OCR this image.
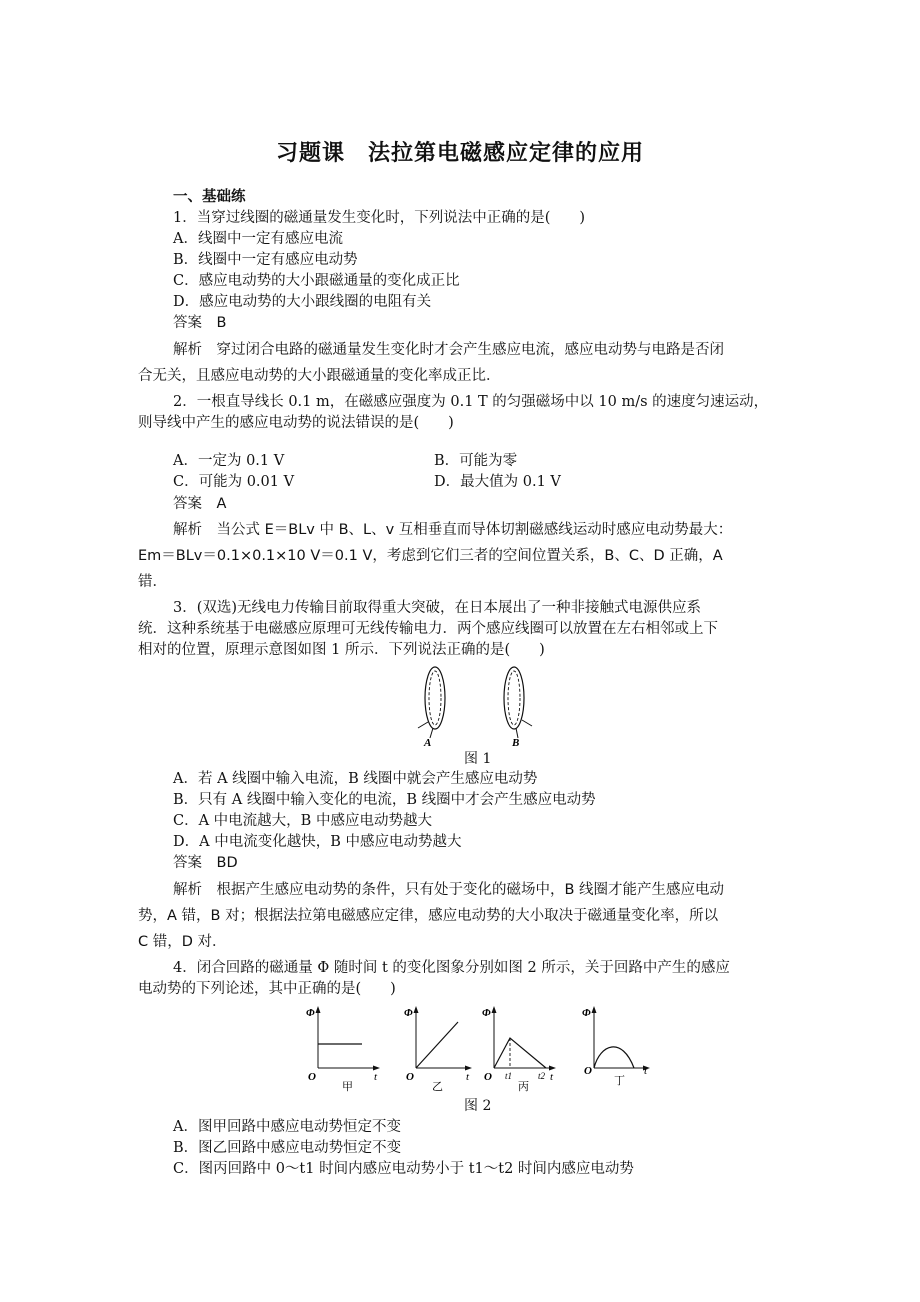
习题课　法拉第电磁感应定律的应用
一、基础练
1．当穿过线圈的磁通量发生变化时，下列说法中正确的是(　　)
A．线圈中一定有感应电流
B．线圈中一定有感应电动势
C．感应电动势的大小跟磁通量的变化成正比
D．感应电动势的大小跟线圈的电阻有关
答案　B
解析　穿过闭合电路的磁通量发生变化时才会产生感应电流，感应电动势与电路是否闭
合无关，且感应电动势的大小跟磁通量的变化率成正比．
2．一根直导线长 0.1 m，在磁感应强度为 0.1 T 的匀强磁场中以 10 m/s 的速度匀速运动，
则导线中产生的感应电动势的说法错误的是(　　)
A．一定为 0.1 V	B．可能为零
C．可能为 0.01 V	D．最大值为 0.1 V
答案　A
解析　当公式 E＝BLv 中 B、L、v 互相垂直而导体切割磁感线运动时感应电动势最大：
Em＝BLv＝0.1×0.1×10 V＝0.1 V，考虑到它们三者的空间位置关系，B、C、D 正确，A
错．
3．(双选)无线电力传输目前取得重大突破，在日本展出了一种非接触式电源供应系
统．这种系统基于电磁感应原理可无线传输电力．两个感应线圈可以放置在左右相邻或上下
相对的位置，原理示意图如图 1 所示．下列说法正确的是(　　)
A	B
图 1
A．若 A 线圈中输入电流，B 线圈中就会产生感应电动势
B．只有 A 线圈中输入变化的电流，B 线圈中才会产生感应电动势
C．A 中电流越大，B 中感应电动势越大
D．A 中电流变化越快，B 中感应电动势越大
答案　BD
解析　根据产生感应电动势的条件，只有处于变化的磁场中，B 线圈才能产生感应电动
势，A 错，B 对；根据法拉第电磁感应定律，感应电动势的大小取决于磁通量变化率，所以
C 错，D 对．
4．闭合回路的磁通量 Φ 随时间 t 的变化图象分别如图 2 所示，关于回路中产生的感应
电动势的下列论述，其中正确的是(　　)
Φ
t
O
甲
Φ
t
O
乙
Φ
t
O t1	t2
丙
Φ
t
O
丁
图 2
A．图甲回路中感应电动势恒定不变
B．图乙回路中感应电动势恒定不变
C．图丙回路中 0～t1 时间内感应电动势小于 t1～t2 时间内感应电动势
